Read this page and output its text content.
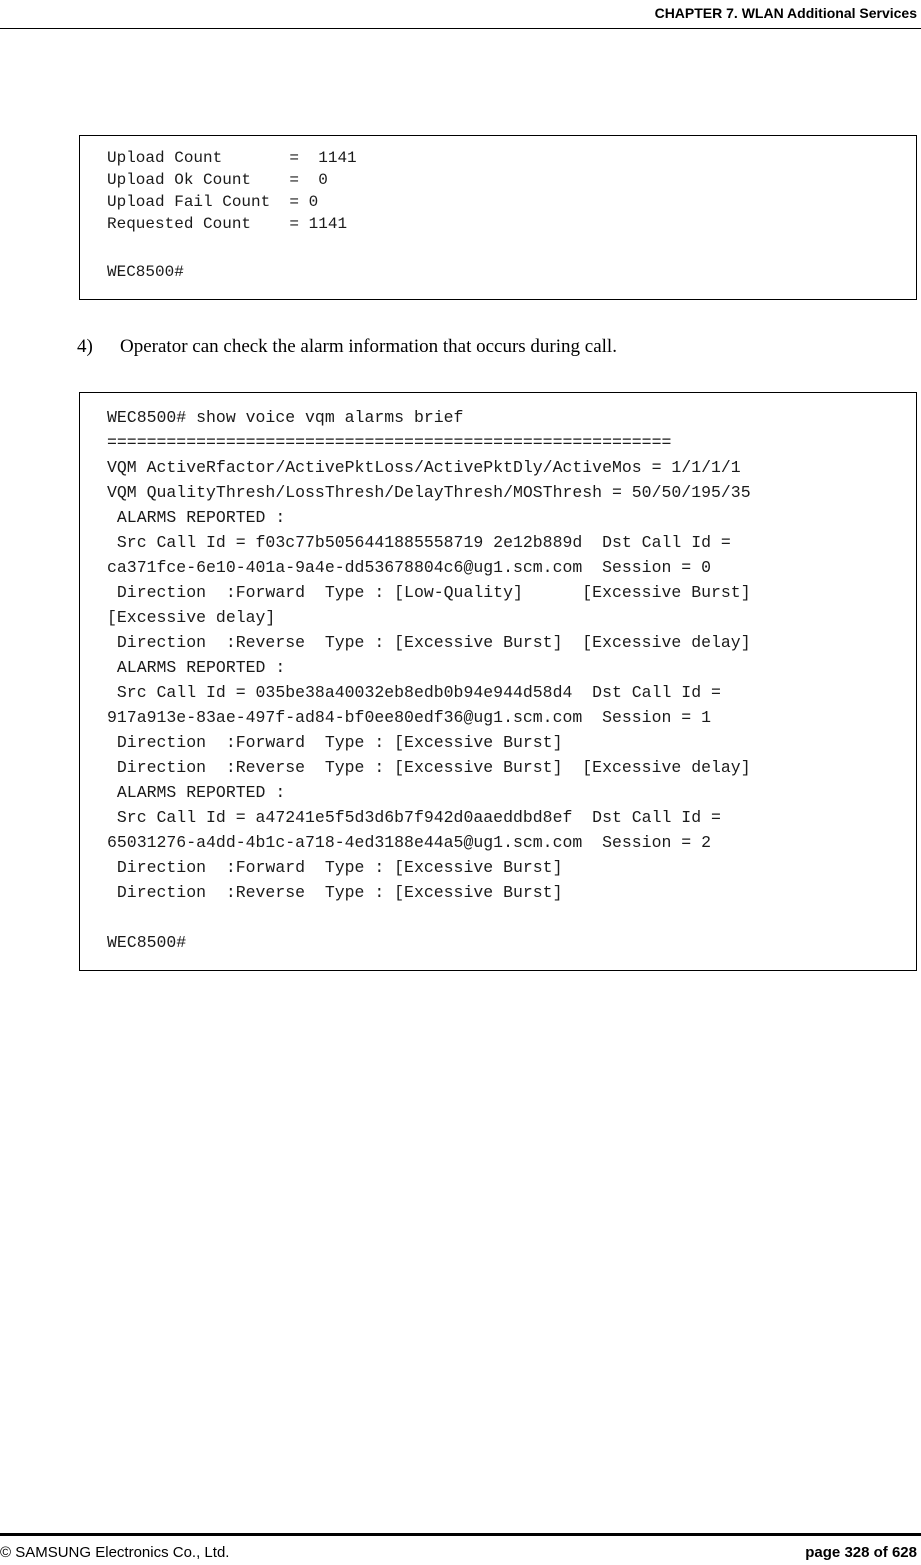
CHAPTER 7. WLAN Additional Services
Upload Count       =  1141
Upload Ok Count    =  0
Upload Fail Count  = 0
Requested Count    = 1141
WEC8500#
4) Operator can check the alarm information that occurs during call.
WEC8500# show voice vqm alarms brief
=========================================================
VQM ActiveRfactor/ActivePktLoss/ActivePktDly/ActiveMos = 1/1/1/1
VQM QualityThresh/LossThresh/DelayThresh/MOSThresh = 50/50/195/35
ALARMS REPORTED :
Src Call Id = f03c77b5056441885558719 2e12b889d  Dst Call Id =
ca371fce-6e10-401a-9a4e-dd53678804c6@ug1.scm.com  Session = 0
Direction  :Forward  Type : [Low-Quality]      [Excessive Burst]
[Excessive delay]
Direction  :Reverse  Type : [Excessive Burst]  [Excessive delay]
ALARMS REPORTED :
Src Call Id = 035be38a40032eb8edb0b94e944d58d4  Dst Call Id =
917a913e-83ae-497f-ad84-bf0ee80edf36@ug1.scm.com  Session = 1
Direction  :Forward  Type : [Excessive Burst]
Direction  :Reverse  Type : [Excessive Burst]  [Excessive delay]
ALARMS REPORTED :
Src Call Id = a47241e5f5d3d6b7f942d0aaeddbd8ef  Dst Call Id =
65031276-a4dd-4b1c-a718-4ed3188e44a5@ug1.scm.com  Session = 2
Direction  :Forward  Type : [Excessive Burst]
Direction  :Reverse  Type : [Excessive Burst]
WEC8500#
© SAMSUNG Electronics Co., Ltd.	page 328 of 628
